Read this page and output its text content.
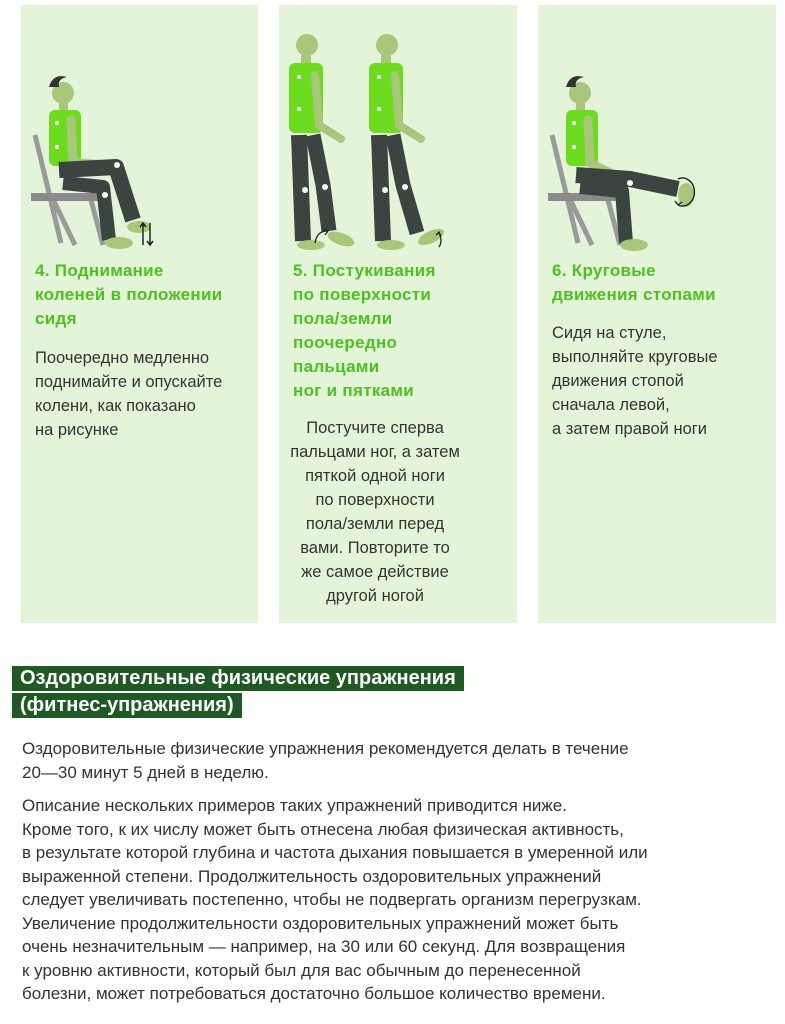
4. Поднимание
коленей в положении
сидя
Поочередно медленно
поднимайте и опускайте
колени, как показано
на рисунке
5. Постукивания
по поверхности
пола/земли
поочередно
пальцами
ног и пятками
Постучите сперва
пальцами ног, а затем
пяткой одной ноги
по поверхности
пола/земли перед
вами. Повторите то
же самое действие
другой ногой
6. Круговые
движения стопами
Сидя на стуле,
выполняйте круговые
движения стопой
сначала левой,
а затем правой ноги
Оздоровительные физические упражнения
(фитнес-упражнения)
Оздоровительные физические упражнения рекомендуется делать в течение
20—30 минут 5 дней в неделю.
Описание нескольких примеров таких упражнений приводится ниже.
Кроме того, к их числу может быть отнесена любая физическая активность,
в результате которой глубина и частота дыхания повышается в умеренной или
выраженной степени. Продолжительность оздоровительных упражнений
следует увеличивать постепенно, чтобы не подвергать организм перегрузкам.
Увеличение продолжительности оздоровительных упражнений может быть
очень незначительным — например, на 30 или 60 секунд. Для возвращения
к уровню активности, который был для вас обычным до перенесенной
болезни, может потребоваться достаточно большое количество времени.
